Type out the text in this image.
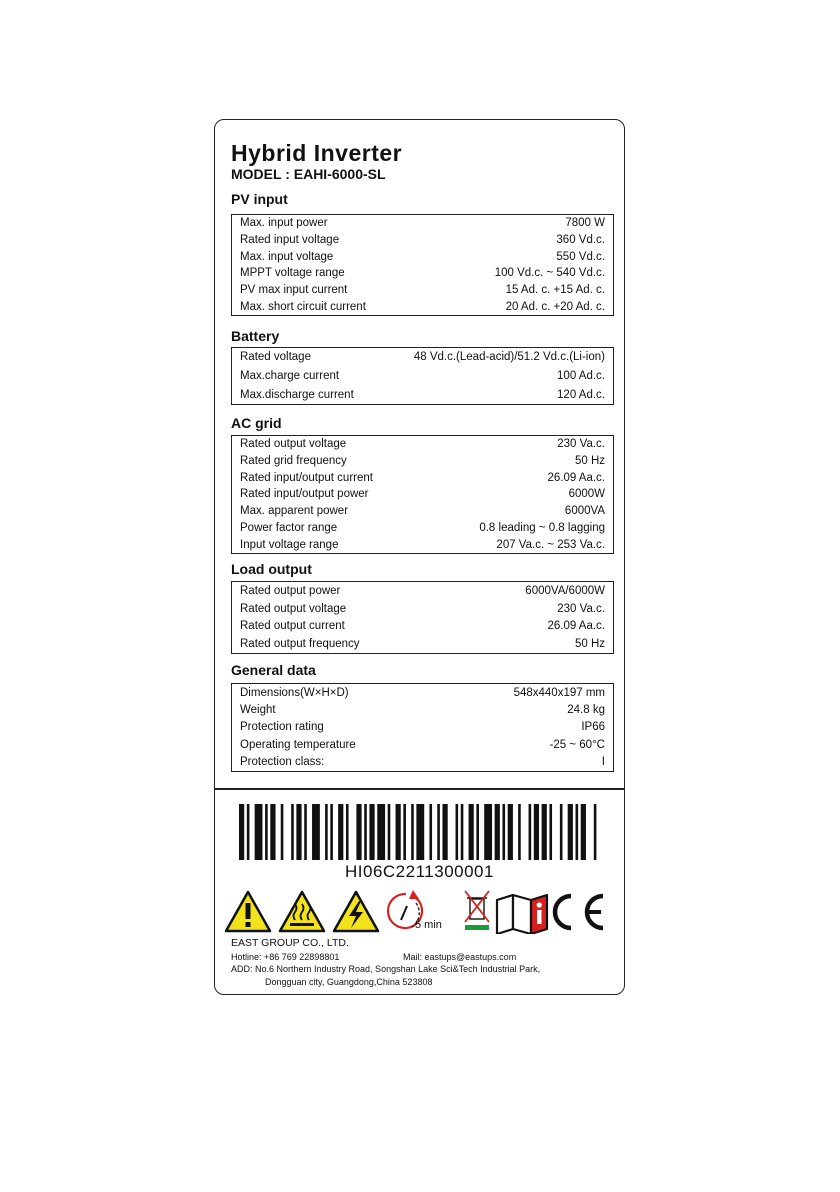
Hybrid Inverter
MODEL : EAHI-6000-SL
PV input
Max. input power	7800 W
Rated input voltage	360 Vd.c.
Max. input voltage	550 Vd.c.
MPPT voltage range	100 Vd.c. ~ 540 Vd.c.
PV max input current	15 Ad. c. +15 Ad. c.
Max. short circuit current	20 Ad. c. +20 Ad. c.
Battery
Rated voltage	48 Vd.c.(Lead-acid)/51.2 Vd.c.(Li-ion)
Max.charge current	100 Ad.c.
Max.discharge current	120 Ad.c.
AC grid
Rated output voltage	230 Va.c.
Rated grid frequency	50 Hz
Rated input/output current	26.09 Aa.c.
Rated input/output power	6000W
Max. apparent power	6000VA
Power factor range	0.8 leading ~ 0.8 lagging
Input voltage range	207 Va.c. ~ 253 Va.c.
Load output
Rated output power	6000VA/6000W
Rated output voltage	230 Va.c.
Rated output current	26.09 Aa.c.
Rated output frequency	50 Hz
General data
Dimensions(W×H×D)	548x440x197 mm
Weight	24.8 kg
Protection rating	IP66
Operating temperature	-25 ~ 60°C
Protection class:	I
HI06C2211300001
5 min
EAST GROUP CO., LTD.
Hotline: +86 769 22898801	Mail: eastups@eastups.com
ADD: No.6 Northern Industry Road, Songshan Lake Sci&Tech Industrial Park,
Dongguan city, Guangdong,China 523808
